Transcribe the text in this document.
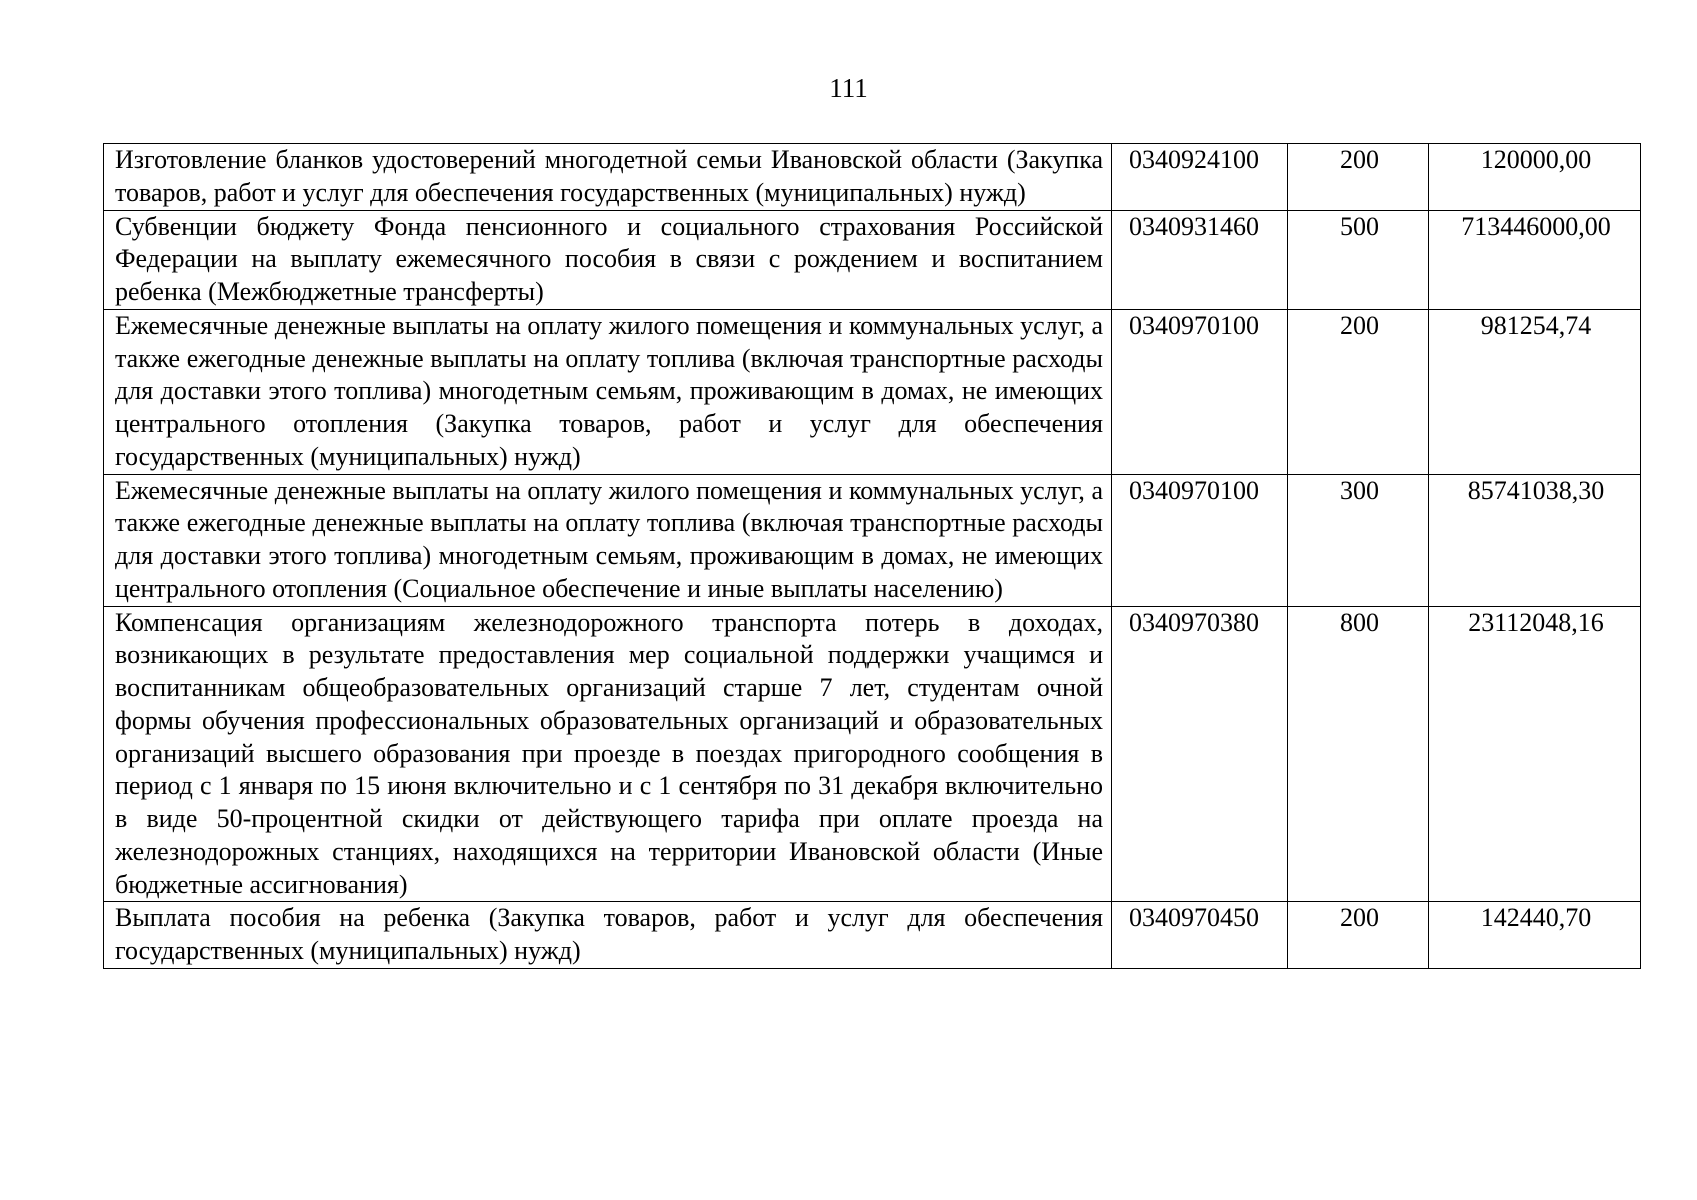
111
Изготовление бланков удостоверений многодетной семьи Ивановской области (Закупка товаров, работ и услуг для обеспечения государственных (муниципальных) нужд)	0340924100	200	120000,00
Субвенции бюджету Фонда пенсионного и социального страхования Российской Федерации на выплату ежемесячного пособия в связи с рождением и воспитанием ребенка (Межбюджетные трансферты)	0340931460	500	713446000,00
Ежемесячные денежные выплаты на оплату жилого помещения и коммунальных услуг, а также ежегодные денежные выплаты на оплату топлива (включая транспортные расходы для доставки этого топлива) многодетным семьям, проживающим в домах, не имеющих центрального отопления (Закупка товаров, работ и услуг для обеспечения государственных (муниципальных) нужд)	0340970100	200	981254,74
Ежемесячные денежные выплаты на оплату жилого помещения и коммунальных услуг, а также ежегодные денежные выплаты на оплату топлива (включая транспортные расходы для доставки этого топлива) многодетным семьям, проживающим в домах, не имеющих центрального отопления (Социальное обеспечение и иные выплаты населению)	0340970100	300	85741038,30
Компенсация организациям железнодорожного транспорта потерь в доходах, возникающих в результате предоставления мер социальной поддержки учащимся и воспитанникам общеобразовательных организаций старше 7 лет, студентам очной формы обучения профессиональных образовательных организаций и образовательных организаций высшего образования при проезде в поездах пригородного сообщения в период с 1 января по 15 июня включительно и с 1 сентября по 31 декабря включительно в виде 50-процентной скидки от действующего тарифа при оплате проезда на железнодорожных станциях, находящихся на территории Ивановской области (Иные бюджетные ассигнования)	0340970380	800	23112048,16
Выплата пособия на ребенка (Закупка товаров, работ и услуг для обеспечения государственных (муниципальных) нужд)	0340970450	200	142440,70
